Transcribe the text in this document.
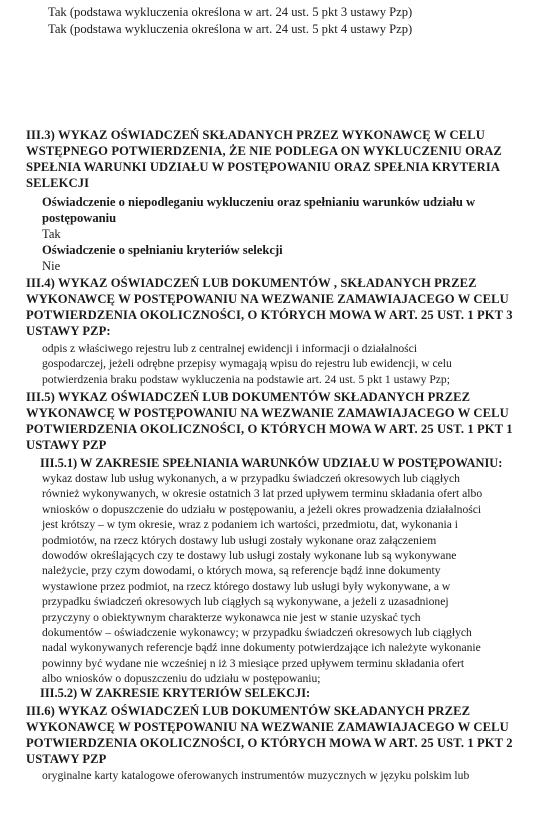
Tak (podstawa wykluczenia określona w art. 24 ust. 5 pkt 3 ustawy Pzp)

Tak (podstawa wykluczenia określona w art. 24 ust. 5 pkt 4 ustawy Pzp)

III.3) WYKAZ OŚWIADCZEŃ SKŁADANYCH PRZEZ WYKONAWCĘ W CELU

WSTĘPNEGO POTWIERDZENIA, ŻE NIE PODLEGA ON WYKLUCZENIU ORAZ

SPEŁNIA WARUNKI UDZIAŁU W POSTĘPOWANIU ORAZ SPEŁNIA KRYTERIA

SELEKCJI

Oświadczenie o niepodleganiu wykluczeniu oraz spełnianiu warunków udziału w

postępowaniu

Tak

Oświadczenie o spełnianiu kryteriów selekcji

Nie

III.4) WYKAZ OŚWIADCZEŃ LUB DOKUMENTÓW , SKŁADANYCH PRZEZ

WYKONAWCĘ W POSTĘPOWANIU NA WEZWANIE ZAMAWIAJACEGO W CELU

POTWIERDZENIA OKOLICZNOŚCI, O KTÓRYCH MOWA W ART. 25 UST. 1 PKT 3

USTAWY PZP:

odpis z właściwego rejestru lub z centralnej ewidencji i informacji o działalności

gospodarczej, jeżeli odrębne przepisy wymagają wpisu do rejestru lub ewidencji, w celu

potwierdzenia braku podstaw wykluczenia na podstawie art. 24 ust. 5 pkt 1 ustawy Pzp;

III.5) WYKAZ OŚWIADCZEŃ LUB DOKUMENTÓW SKŁADANYCH PRZEZ

WYKONAWCĘ W POSTĘPOWANIU NA WEZWANIE ZAMAWIAJACEGO W CELU

POTWIERDZENIA OKOLICZNOŚCI, O KTÓRYCH MOWA W ART. 25 UST. 1 PKT 1

USTAWY PZP

III.5.1) W ZAKRESIE SPEŁNIANIA WARUNKÓW UDZIAŁU W POSTĘPOWANIU:

wykaz dostaw lub usług wykonanych, a w przypadku świadczeń okresowych lub ciągłych

również wykonywanych, w okresie ostatnich 3 lat przed upływem terminu składania ofert albo

wniosków o dopuszczenie do udziału w postępowaniu, a jeżeli okres prowadzenia działalności

jest krótszy – w tym okresie, wraz z podaniem ich wartości, przedmiotu, dat, wykonania i

podmiotów, na rzecz których dostawy lub usługi zostały wykonane oraz załączeniem

dowodów określających czy te dostawy lub usługi zostały wykonane lub są wykonywane

należycie, przy czym dowodami, o których mowa, są referencje bądź inne dokumenty

wystawione przez podmiot, na rzecz którego dostawy lub usługi były wykonywane, a w

przypadku świadczeń okresowych lub ciągłych są wykonywane, a jeżeli z uzasadnionej

przyczyny o obiektywnym charakterze wykonawca nie jest w stanie uzyskać tych

dokumentów – oświadczenie wykonawcy; w przypadku świadczeń okresowych lub ciągłych

nadal wykonywanych referencje bądź inne dokumenty potwierdzające ich należyte wykonanie

powinny być wydane nie wcześniej n iż 3 miesiące przed upływem terminu składania ofert

albo wniosków o dopuszczeniu do udziału w postępowaniu;

III.5.2) W ZAKRESIE KRYTERIÓW SELEKCJI:

III.6) WYKAZ OŚWIADCZEŃ LUB DOKUMENTÓW SKŁADANYCH PRZEZ

WYKONAWCĘ W POSTĘPOWANIU NA WEZWANIE ZAMAWIAJACEGO W CELU

POTWIERDZENIA OKOLICZNOŚCI, O KTÓRYCH MOWA W ART. 25 UST. 1 PKT 2

USTAWY PZP

oryginalne karty katalogowe oferowanych instrumentów muzycznych w języku polskim lub
